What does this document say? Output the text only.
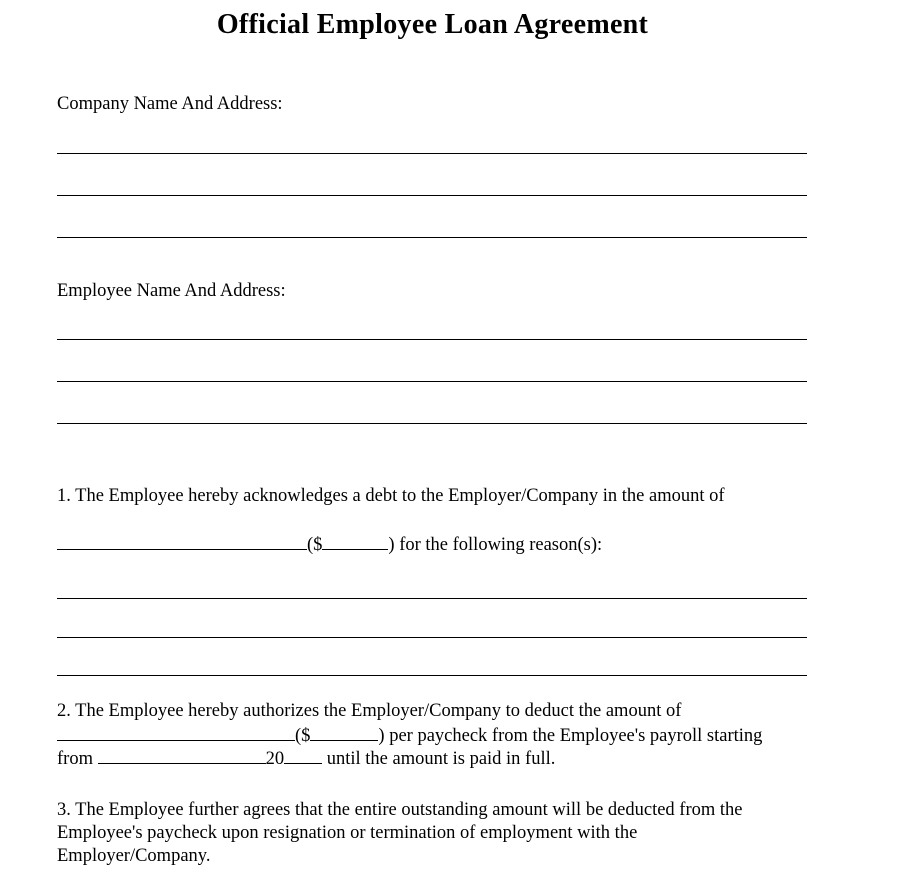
Official Employee Loan Agreement
Company Name And Address:
Employee Name And Address:
1. The Employee hereby acknowledges a debt to the Employer/Company in the amount of
($	) for the following reason(s):
2. The Employee hereby authorizes the Employer/Company to deduct the amount of
($	) per paycheck from the Employee's payroll starting
from	20 until the amount is paid in full.
3. The Employee further agrees that the entire outstanding amount will be deducted from the
Employee's paycheck upon resignation or termination of employment with the
Employer/Company.
